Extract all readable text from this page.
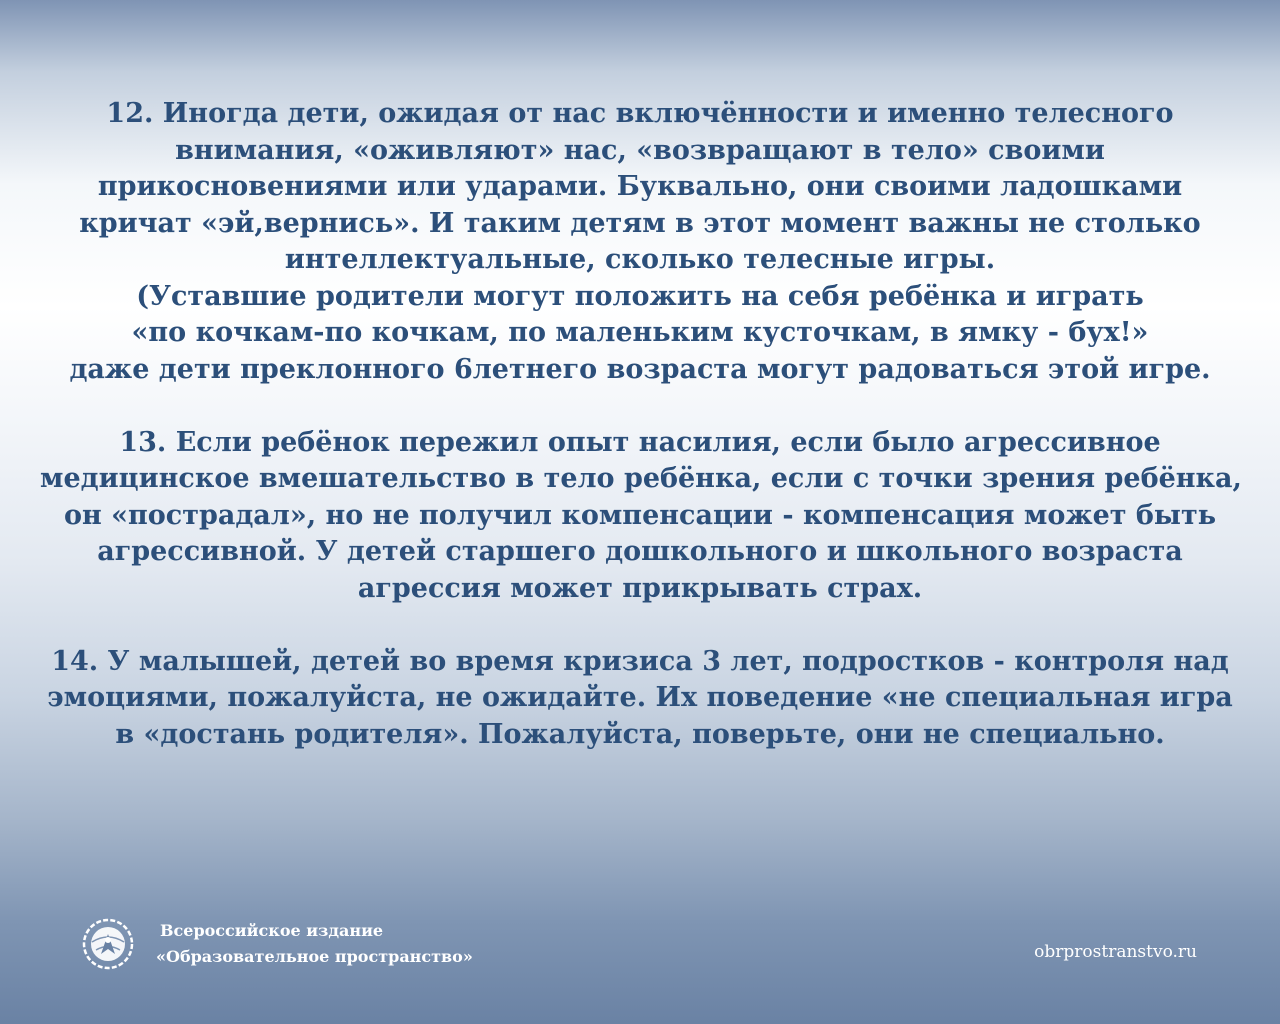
12. Иногда дети, ожидая от нас включённости и именно телесного
внимания, «оживляют» нас, «возвращают в тело» своими
прикосновениями или ударами. Буквально, они своими ладошками
кричат «эй,вернись». И таким детям в этот момент важны не столько
интеллектуальные, сколько телесные игры.
(Уставшие родители могут положить на себя ребёнка и играть
«по кочкам-по кочкам, по маленьким кусточкам, в ямку - бух!»
даже дети преклонного 6летнего возраста могут радоваться этой игре.
13. Если ребёнок пережил опыт насилия, если было агрессивное
медицинское вмешательство в тело ребёнка, если с точки зрения ребёнка,
он «пострадал», но не получил компенсации - компенсация может быть
агрессивной. У детей старшего дошкольного и школьного возраста
агрессия может прикрывать страх.
14. У малышей, детей во время кризиса 3 лет, подростков - контроля над
эмоциями, пожалуйста, не ожидайте. Их поведение «не специальная игра
в «достань родителя». Пожалуйста, поверьте, они не специально.
Всероссийское издание
«Образовательное пространство»	obrprostranstvo.ru
